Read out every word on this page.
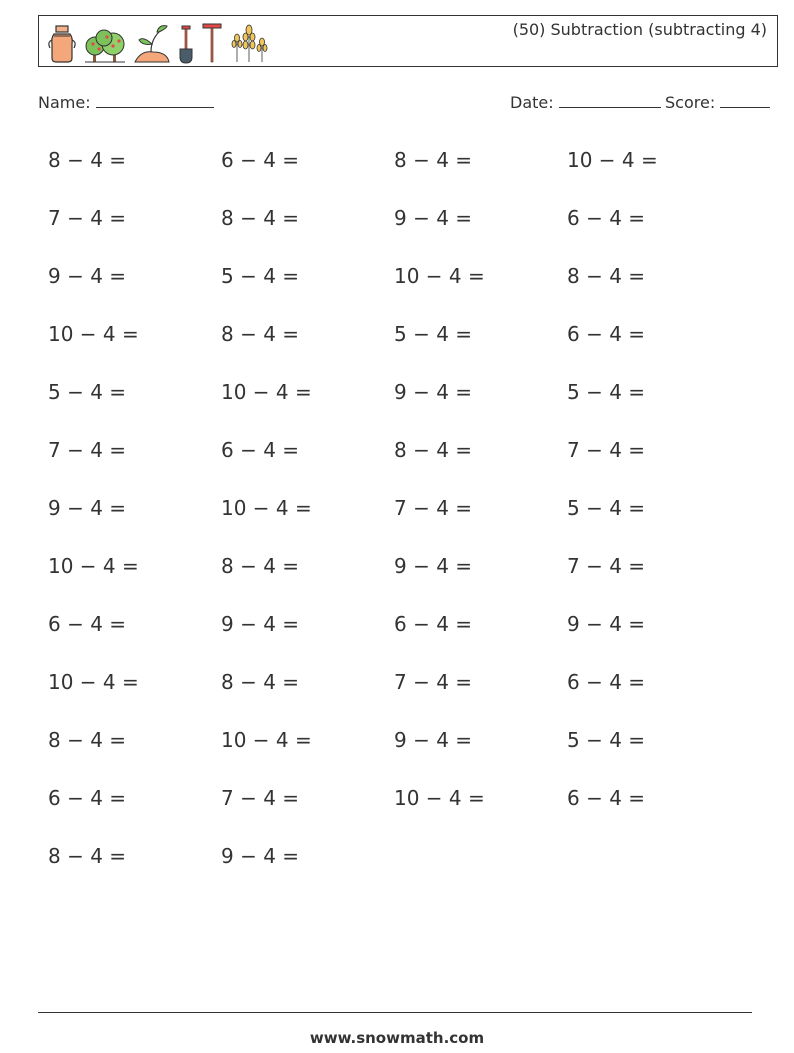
(50) Subtraction (subtracting 4)
Name:	Date:	Score:
8 − 4 =	6 − 4 =	8 − 4 =	10 − 4 =
7 − 4 =	8 − 4 =	9 − 4 =	6 − 4 =
9 − 4 =	5 − 4 =	10 − 4 =	8 − 4 =
10 − 4 =	8 − 4 =	5 − 4 =	6 − 4 =
5 − 4 =	10 − 4 =	9 − 4 =	5 − 4 =
7 − 4 =	6 − 4 =	8 − 4 =	7 − 4 =
9 − 4 =	10 − 4 =	7 − 4 =	5 − 4 =
10 − 4 =	8 − 4 =	9 − 4 =	7 − 4 =
6 − 4 =	9 − 4 =	6 − 4 =	9 − 4 =
10 − 4 =	8 − 4 =	7 − 4 =	6 − 4 =
8 − 4 =	10 − 4 =	9 − 4 =	5 − 4 =
6 − 4 =	7 − 4 =	10 − 4 =	6 − 4 =
8 − 4 =	9 − 4 =
www.snowmath.com
